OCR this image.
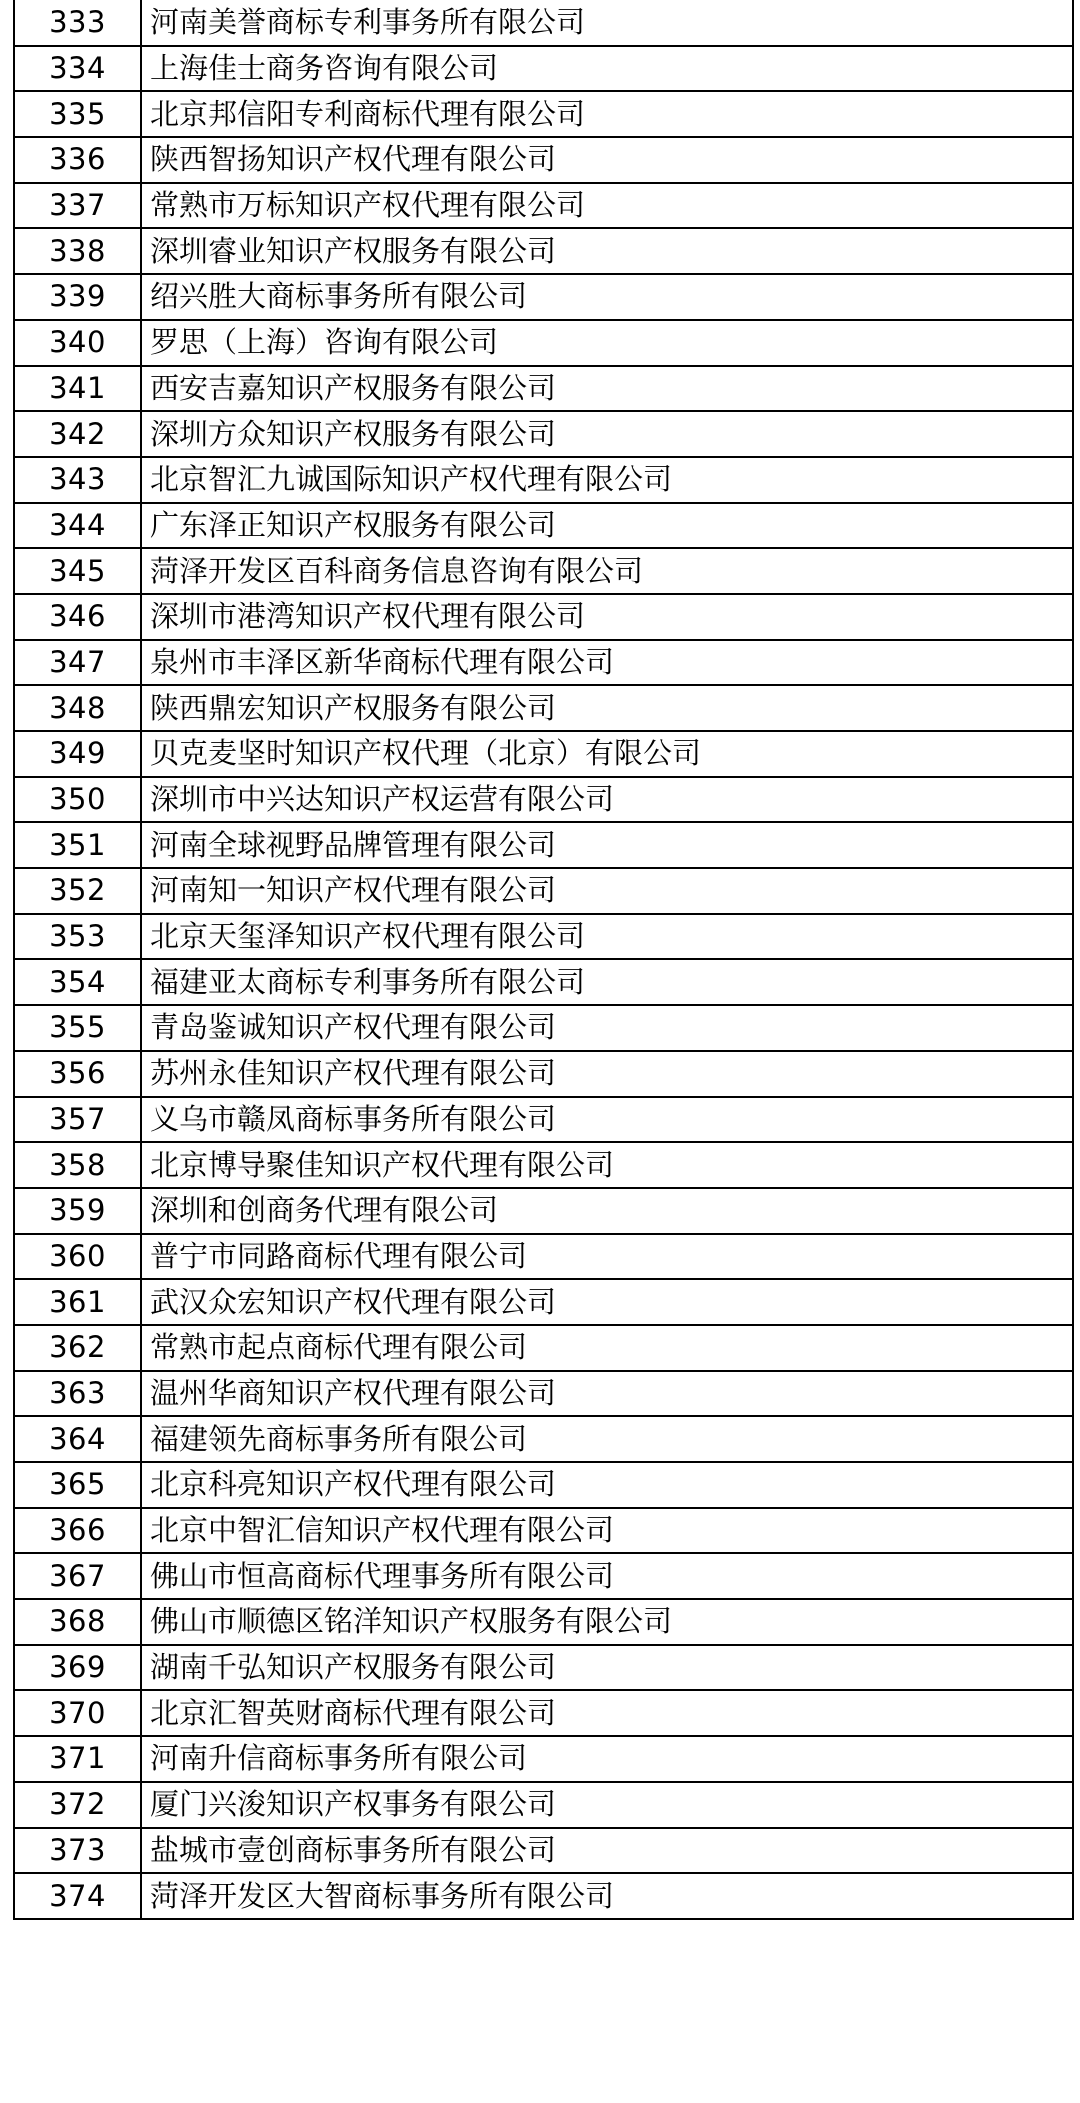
333	河南美誉商标专利事务所有限公司
334	上海佳士商务咨询有限公司
335	北京邦信阳专利商标代理有限公司
336	陕西智扬知识产权代理有限公司
337	常熟市万标知识产权代理有限公司
338	深圳睿业知识产权服务有限公司
339	绍兴胜大商标事务所有限公司
340	罗思（上海）咨询有限公司
341	西安吉嘉知识产权服务有限公司
342	深圳方众知识产权服务有限公司
343	北京智汇九诚国际知识产权代理有限公司
344	广东泽正知识产权服务有限公司
345	菏泽开发区百科商务信息咨询有限公司
346	深圳市港湾知识产权代理有限公司
347	泉州市丰泽区新华商标代理有限公司
348	陕西鼎宏知识产权服务有限公司
349	贝克麦坚时知识产权代理（北京）有限公司
350	深圳市中兴达知识产权运营有限公司
351	河南全球视野品牌管理有限公司
352	河南知一知识产权代理有限公司
353	北京天玺泽知识产权代理有限公司
354	福建亚太商标专利事务所有限公司
355	青岛鉴诚知识产权代理有限公司
356	苏州永佳知识产权代理有限公司
357	义乌市赣凤商标事务所有限公司
358	北京博导聚佳知识产权代理有限公司
359	深圳和创商务代理有限公司
360	普宁市同路商标代理有限公司
361	武汉众宏知识产权代理有限公司
362	常熟市起点商标代理有限公司
363	温州华商知识产权代理有限公司
364	福建领先商标事务所有限公司
365	北京科亮知识产权代理有限公司
366	北京中智汇信知识产权代理有限公司
367	佛山市恒高商标代理事务所有限公司
368	佛山市顺德区铭洋知识产权服务有限公司
369	湖南千弘知识产权服务有限公司
370	北京汇智英财商标代理有限公司
371	河南升信商标事务所有限公司
372	厦门兴浚知识产权事务有限公司
373	盐城市壹创商标事务所有限公司
374	菏泽开发区大智商标事务所有限公司
